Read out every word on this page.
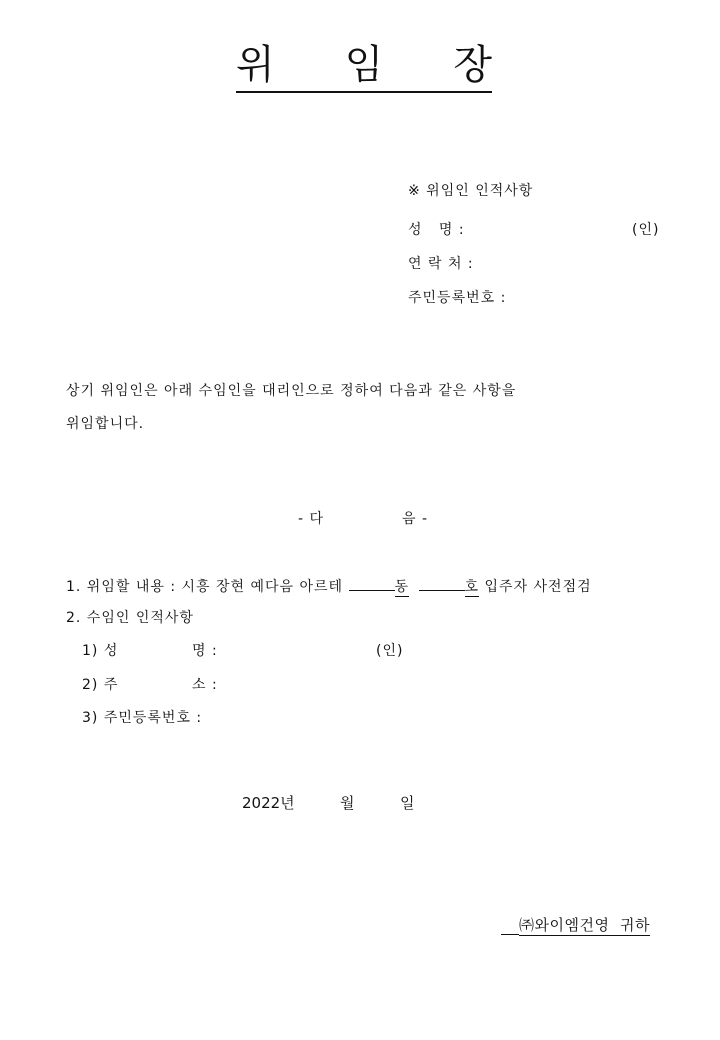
위 임 장
※ 위임인 인적사항
성   명 :	(인)
연 락 처 :
주민등록번호 :
상기 위임인은 아래 수임인을 대리인으로 정하여 다음과 같은 사항을
위임합니다.
- 다	음 -
1. 위임할 내용 : 시흥 장현 예다음 아르테	동	호 입주자 사전점검
2. 수임인 인적사항
1) 성	명 :	(인)
2) 주	소 :
3) 주민등록번호 :
2022년	월	일
㈜와이엠건영  귀하
